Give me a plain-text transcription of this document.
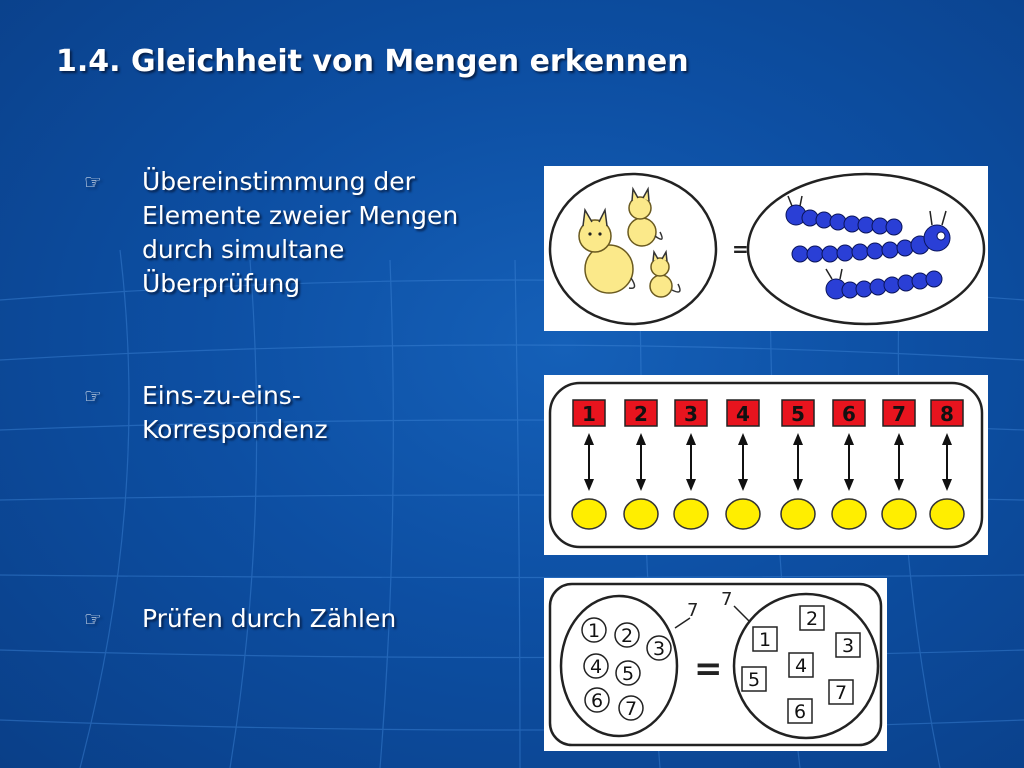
1.4. Gleichheit von Mengen erkennen
☞ Übereinstimmung der
Elemente zweier Mengen
durch simultane
Überprüfung
☞ Eins-zu-eins-
Korrespondenz
☞ Prüfen durch Zählen
=
1 2 3 4 5 6 7 8
7
7
=
1 2
3
4 5
6 7
1
2
3
4
5
6
7
